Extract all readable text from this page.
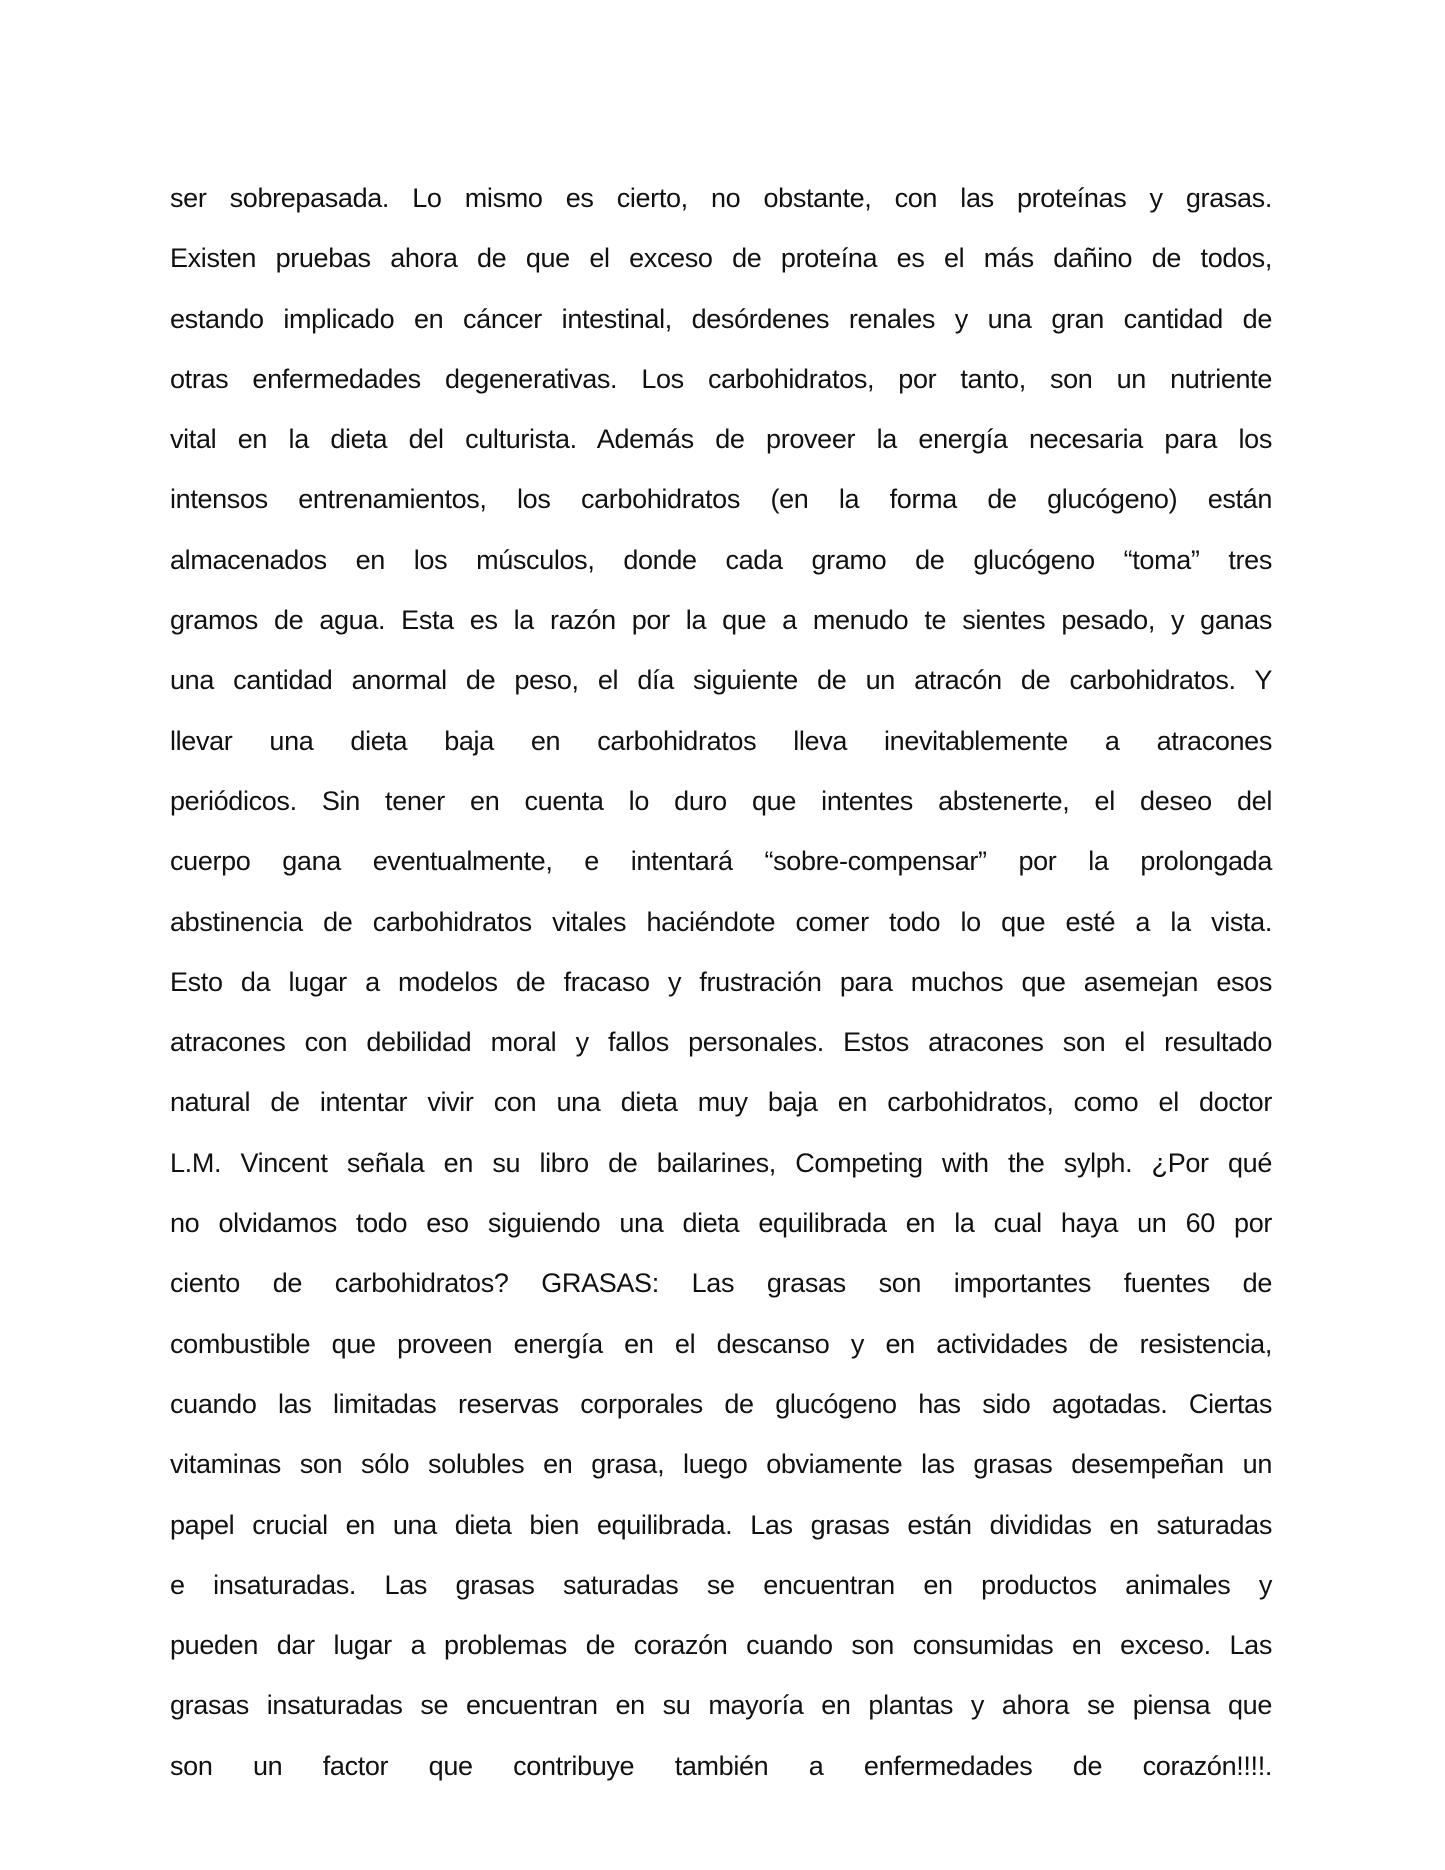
ser sobrepasada. Lo mismo es cierto, no obstante, con las proteínas y grasas.
Existen pruebas ahora de que el exceso de proteína es el más dañino de todos,
estando implicado en cáncer intestinal, desórdenes renales y una gran cantidad de
otras enfermedades degenerativas. Los carbohidratos, por tanto, son un nutriente
vital en la dieta del culturista. Además de proveer la energía necesaria para los
intensos entrenamientos, los carbohidratos (en la forma de glucógeno) están
almacenados en los músculos, donde cada gramo de glucógeno “toma” tres
gramos de agua. Esta es la razón por la que a menudo te sientes pesado, y ganas
una cantidad anormal de peso, el día siguiente de un atracón de carbohidratos. Y
llevar una dieta baja en carbohidratos lleva inevitablemente a atracones
periódicos. Sin tener en cuenta lo duro que intentes abstenerte, el deseo del
cuerpo gana eventualmente, e intentará “sobre-compensar” por la prolongada
abstinencia de carbohidratos vitales haciéndote comer todo lo que esté a la vista.
Esto da lugar a modelos de fracaso y frustración para muchos que asemejan esos
atracones con debilidad moral y fallos personales. Estos atracones son el resultado
natural de intentar vivir con una dieta muy baja en carbohidratos, como el doctor
L.M. Vincent señala en su libro de bailarines, Competing with the sylph. ¿Por qué
no olvidamos todo eso siguiendo una dieta equilibrada en la cual haya un 60 por
ciento de carbohidratos? GRASAS: Las grasas son importantes fuentes de
combustible que proveen energía en el descanso y en actividades de resistencia,
cuando las limitadas reservas corporales de glucógeno has sido agotadas. Ciertas
vitaminas son sólo solubles en grasa, luego obviamente las grasas desempeñan un
papel crucial en una dieta bien equilibrada. Las grasas están divididas en saturadas
e insaturadas. Las grasas saturadas se encuentran en productos animales y
pueden dar lugar a problemas de corazón cuando son consumidas en exceso. Las
grasas insaturadas se encuentran en su mayoría en plantas y ahora se piensa que
son un factor que contribuye también a enfermedades de corazón!!!!.
